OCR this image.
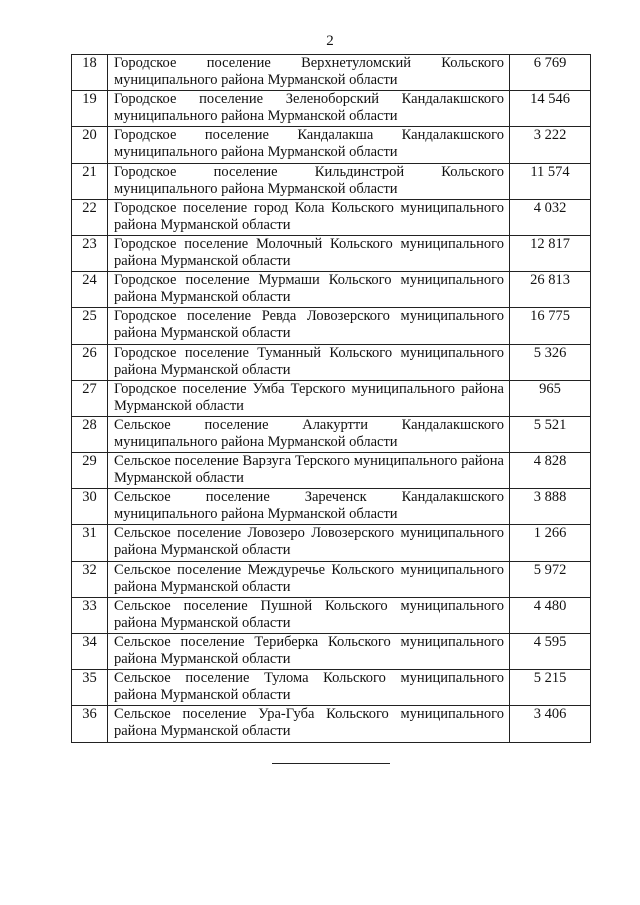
2
18	Городское поселение Верхнетуломский Кольского муниципального района Мурманской области	6 769
19	Городское поселение Зеленоборский Кандалакшского муниципального района Мурманской области	14 546
20	Городское поселение Кандалакша Кандалакшского муниципального района Мурманской области	3 222
21	Городское поселение Кильдинстрой Кольского муниципального района Мурманской области	11 574
22	Городское поселение город Кола Кольского муниципального района Мурманской области	4 032
23	Городское поселение Молочный Кольского муниципального района Мурманской области	12 817
24	Городское поселение Мурмаши Кольского муниципального района Мурманской области	26 813
25	Городское поселение Ревда Ловозерского муниципального района Мурманской области	16 775
26	Городское поселение Туманный Кольского муниципального района Мурманской области	5 326
27	Городское поселение Умба Терского муниципального района Мурманской области	965
28	Сельское поселение Алакуртти Кандалакшского муниципального района Мурманской области	5 521
29	Сельское поселение Варзуга Терского муниципального района Мурманской области	4 828
30	Сельское поселение Зареченск Кандалакшского муниципального района Мурманской области	3 888
31	Сельское поселение Ловозеро Ловозерского муниципального района Мурманской области	1 266
32	Сельское поселение Междуречье Кольского муниципального района Мурманской области	5 972
33	Сельское поселение Пушной Кольского муниципального района Мурманской области	4 480
34	Сельское поселение Териберка Кольского муниципального района Мурманской области	4 595
35	Сельское поселение Тулома Кольского муниципального района Мурманской области	5 215
36	Сельское поселение Ура-Губа Кольского муниципального района Мурманской области	3 406
